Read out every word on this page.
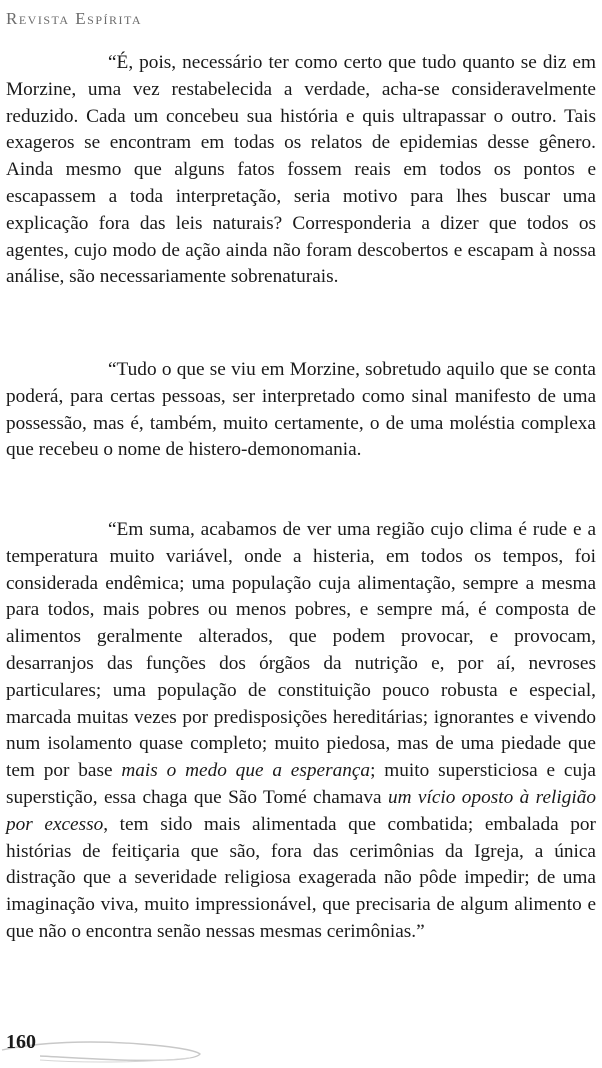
Revista Espírita

“É, pois, necessário ter como certo que tudo quanto se diz em Morzine, uma vez restabelecida a verdade, acha-se consideravelmente reduzido. Cada um concebeu sua história e quis ultrapassar o outro. Tais exageros se encontram em todas os relatos de epidemias desse gênero. Ainda mesmo que alguns fatos fossem reais em todos os pontos e escapassem a toda interpretação, seria motivo para lhes buscar uma explicação fora das leis naturais? Corresponderia a dizer que todos os agentes, cujo modo de ação ainda não foram descobertos e escapam à nossa análise, são necessariamente sobrenaturais.

“Tudo o que se viu em Morzine, sobretudo aquilo que se conta poderá, para certas pessoas, ser interpretado como sinal manifesto de uma possessão, mas é, também, muito certamente, o de uma moléstia complexa que recebeu o nome de histero-demonomania.

“Em suma, acabamos de ver uma região cujo clima é rude e a temperatura muito variável, onde a histeria, em todos os tempos, foi considerada endêmica; uma população cuja alimentação, sempre a mesma para todos, mais pobres ou menos pobres, e sempre má, é composta de alimentos geralmente alterados, que podem provocar, e provocam, desarranjos das funções dos órgãos da nutrição e, por aí, nevroses particulares; uma população de constituição pouco robusta e especial, marcada muitas vezes por predisposições hereditárias; ignorantes e vivendo num isolamento quase completo; muito piedosa, mas de uma piedade que tem por base mais o medo que a esperança; muito supersticiosa e cuja superstição, essa chaga que São Tomé chamava um vício oposto à religião por excesso, tem sido mais alimentada que combatida; embalada por histórias de feitiçaria que são, fora das cerimônias da Igreja, a única distração que a severidade religiosa exagerada não pôde impedir; de uma imaginação viva, muito impressionável, que precisaria de algum alimento e que não o encontra senão nessas mesmas cerimônias.”

160
